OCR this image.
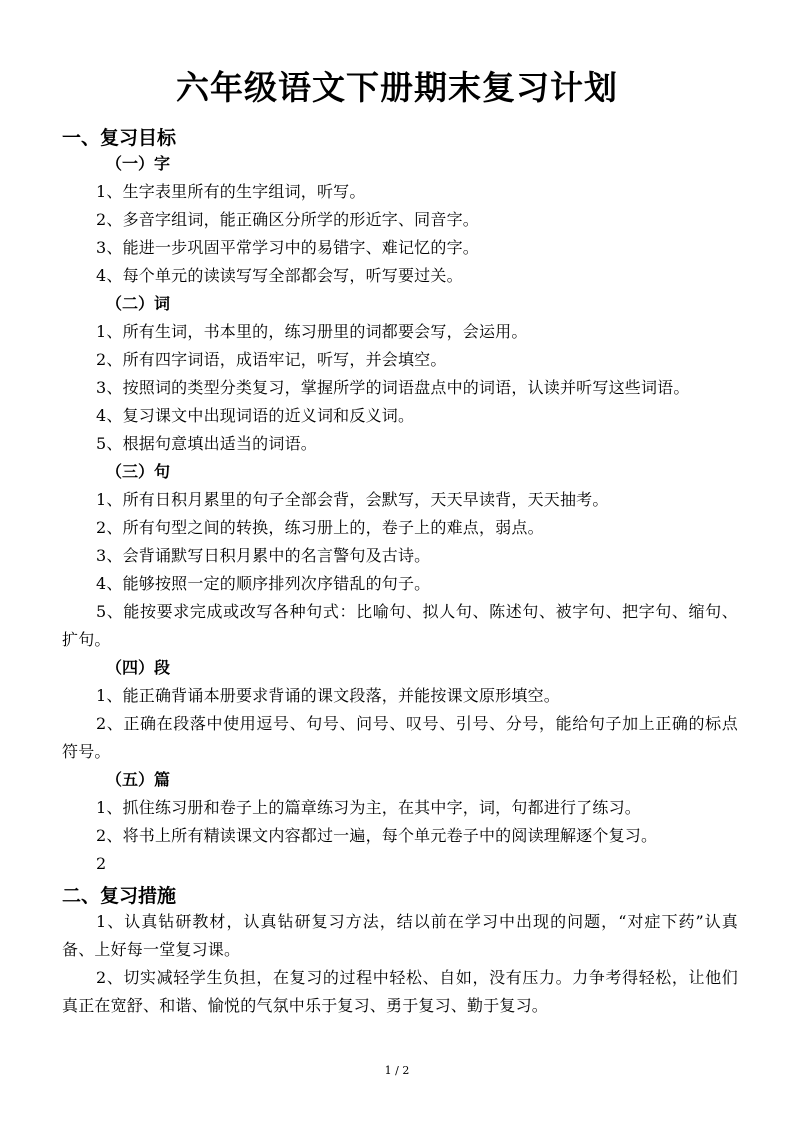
六年级语文下册期末复习计划
一、复习目标
（一）字
1、生字表里所有的生字组词，听写。
2、多音字组词，能正确区分所学的形近字、同音字。
3、能进一步巩固平常学习中的易错字、难记忆的字。
4、每个单元的读读写写全部都会写，听写要过关。
（二）词
1、所有生词，书本里的，练习册里的词都要会写，会运用。
2、所有四字词语，成语牢记，听写，并会填空。
3、按照词的类型分类复习，掌握所学的词语盘点中的词语，认读并听写这些词语。
4、复习课文中出现词语的近义词和反义词。
5、根据句意填出适当的词语。
（三）句
1、所有日积月累里的句子全部会背，会默写，天天早读背，天天抽考。
2、所有句型之间的转换，练习册上的，卷子上的难点，弱点。
3、会背诵默写日积月累中的名言警句及古诗。
4、能够按照一定的顺序排列次序错乱的句子。
5、能按要求完成或改写各种句式：比喻句、拟人句、陈述句、被字句、把字句、缩句、扩句。
（四）段
1、能正确背诵本册要求背诵的课文段落，并能按课文原形填空。
2、正确在段落中使用逗号、句号、问号、叹号、引号、分号，能给句子加上正确的标点符号。
（五）篇
1、抓住练习册和卷子上的篇章练习为主，在其中字，词，句都进行了练习。
2、将书上所有精读课文内容都过一遍，每个单元卷子中的阅读理解逐个复习。
2
二、复习措施
1、认真钻研教材，认真钻研复习方法，结以前在学习中出现的问题，“对症下药”认真备、上好每一堂复习课。
2、切实减轻学生负担，在复习的过程中轻松、自如，没有压力。力争考得轻松，让他们真正在宽舒、和谐、愉悦的气氛中乐于复习、勇于复习、勤于复习。
1 / 2
